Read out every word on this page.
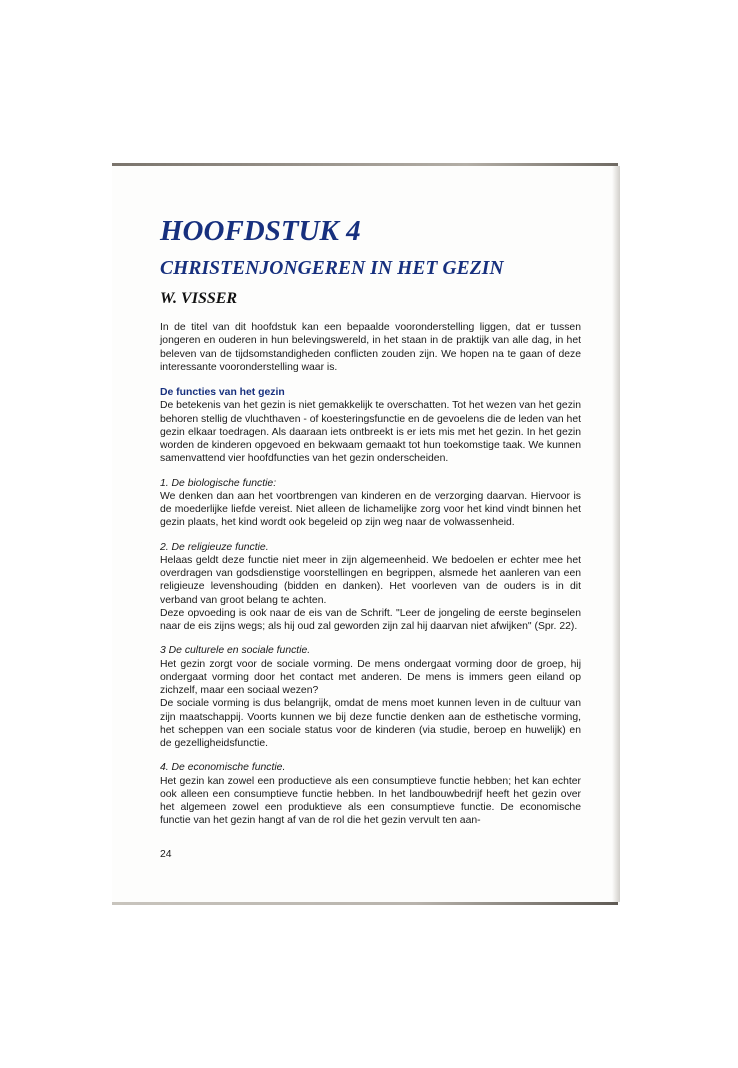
HOOFDSTUK 4
CHRISTENJONGEREN IN HET GEZIN
W. VISSER

In de titel van dit hoofdstuk kan een bepaalde vooronderstelling liggen, dat er tussen jongeren en ouderen in hun belevingswereld, in het staan in de praktijk van alle dag, in het beleven van de tijdsomstandigheden conflicten zouden zijn. We hopen na te gaan of deze interessante vooronderstelling waar is.

De functies van het gezin

De betekenis van het gezin is niet gemakkelijk te overschatten. Tot het wezen van het gezin behoren stellig de vluchthaven - of koesteringsfunctie en de gevoelens die de leden van het gezin elkaar toedragen. Als daaraan iets ontbreekt is er iets mis met het gezin. In het gezin worden de kinderen opgevoed en bekwaam gemaakt tot hun toekomstige taak. We kunnen samenvattend vier hoofdfuncties van het gezin onderscheiden.

1. De biologische functie:

We denken dan aan het voortbrengen van kinderen en de verzorging daarvan. Hiervoor is de moederlijke liefde vereist. Niet alleen de lichamelijke zorg voor het kind vindt binnen het gezin plaats, het kind wordt ook begeleid op zijn weg naar de volwassenheid.

2. De religieuze functie.

Helaas geldt deze functie niet meer in zijn algemeenheid. We bedoelen er echter mee het overdragen van godsdienstige voorstellingen en begrippen, alsmede het aanleren van een religieuze levenshouding (bidden en danken). Het voorleven van de ouders is in dit verband van groot belang te achten.

Deze opvoeding is ook naar de eis van de Schrift. "Leer de jongeling de eerste beginselen naar de eis zijns wegs; als hij oud zal geworden zijn zal hij daarvan niet afwijken" (Spr. 22).

3 De culturele en sociale functie.

Het gezin zorgt voor de sociale vorming. De mens ondergaat vorming door de groep, hij ondergaat vorming door het contact met anderen. De mens is immers geen eiland op zichzelf, maar een sociaal wezen?

De sociale vorming is dus belangrijk, omdat de mens moet kunnen leven in de cultuur van zijn maatschappij. Voorts kunnen we bij deze functie denken aan de esthetische vorming, het scheppen van een sociale status voor de kinderen (via studie, beroep en huwelijk) en de gezelligheidsfunctie.

4. De economische functie.

Het gezin kan zowel een productieve als een consumptieve functie hebben; het kan echter ook alleen een consumptieve functie hebben. In het landbouwbedrijf heeft het gezin over het algemeen zowel een produktieve als een consumptieve functie. De economische functie van het gezin hangt af van de rol die het gezin vervult ten aan-

24
